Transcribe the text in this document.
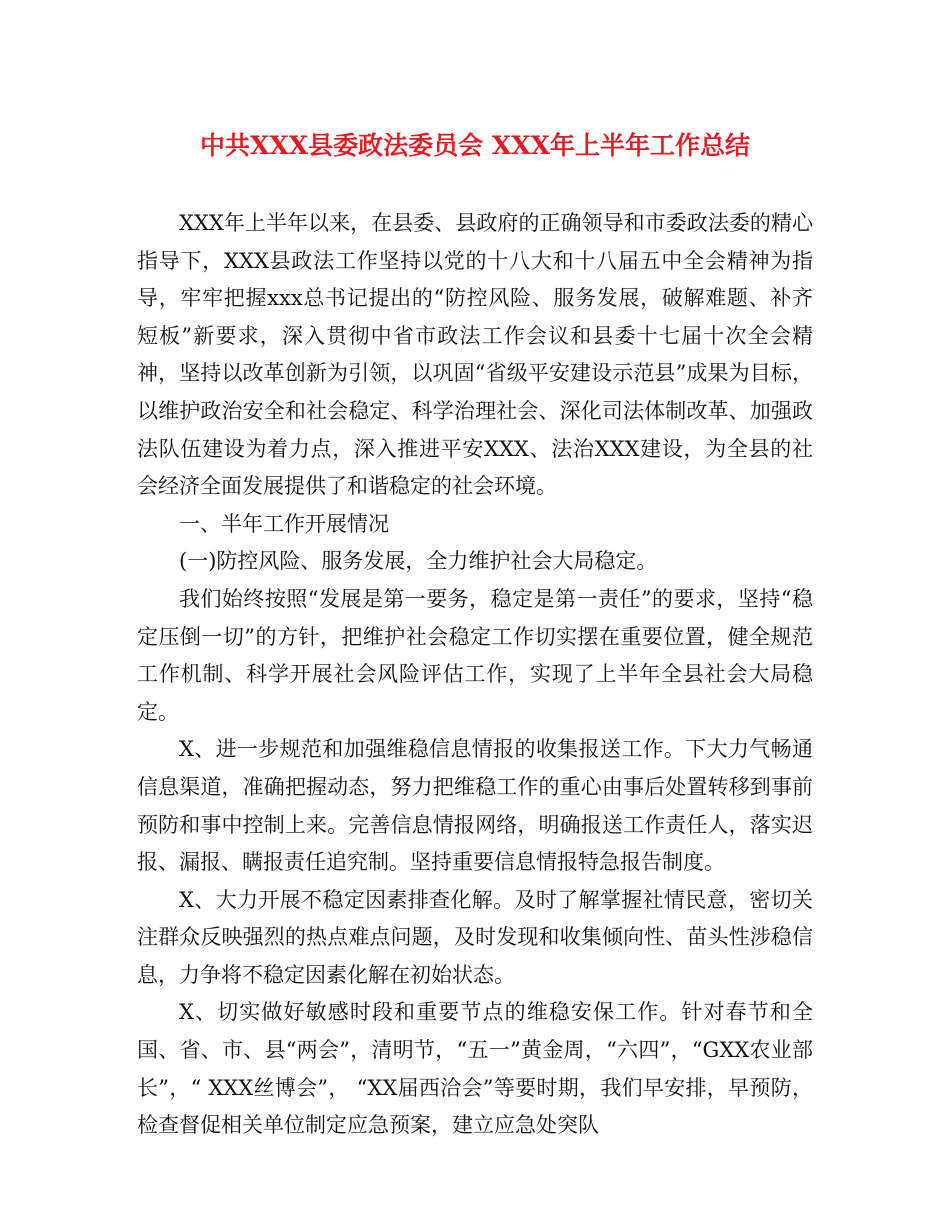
中共XXX县委政法委员会 XXX年上半年工作总结

XXX年上半年以来，在县委、县政府的正确领导和市委政法委的精心指导下，XXX县政法工作坚持以党的十八大和十八届五中全会精神为指导，牢牢把握xxx总书记提出的“防控风险、服务发展，破解难题、补齐短板”新要求，深入贯彻中省市政法工作会议和县委十七届十次全会精神，坚持以改革创新为引领，以巩固“省级平安建设示范县”成果为目标，以维护政治安全和社会稳定、科学治理社会、深化司法体制改革、加强政法队伍建设为着力点，深入推进平安XXX、法治XXX建设，为全县的社会经济全面发展提供了和谐稳定的社会环境。

一、半年工作开展情况

(一)防控风险、服务发展，全力维护社会大局稳定。

我们始终按照“发展是第一要务，稳定是第一责任”的要求，坚持“稳定压倒一切”的方针，把维护社会稳定工作切实摆在重要位置，健全规范工作机制、科学开展社会风险评估工作，实现了上半年全县社会大局稳定。

X、进一步规范和加强维稳信息情报的收集报送工作。下大力气畅通信息渠道，准确把握动态，努力把维稳工作的重心由事后处置转移到事前预防和事中控制上来。完善信息情报网络，明确报送工作责任人，落实迟报、漏报、瞒报责任追究制。坚持重要信息情报特急报告制度。

X、大力开展不稳定因素排查化解。及时了解掌握社情民意，密切关注群众反映强烈的热点难点问题，及时发现和收集倾向性、苗头性涉稳信息，力争将不稳定因素化解在初始状态。

X、切实做好敏感时段和重要节点的维稳安保工作。针对春节和全国、省、市、县“两会”，清明节，“五一”黄金周，“六四”，“GXX农业部长”，“ XXX丝博会”， “XX届西洽会”等要时期，我们早安排，早预防，检查督促相关单位制定应急预案，建立应急处突队
